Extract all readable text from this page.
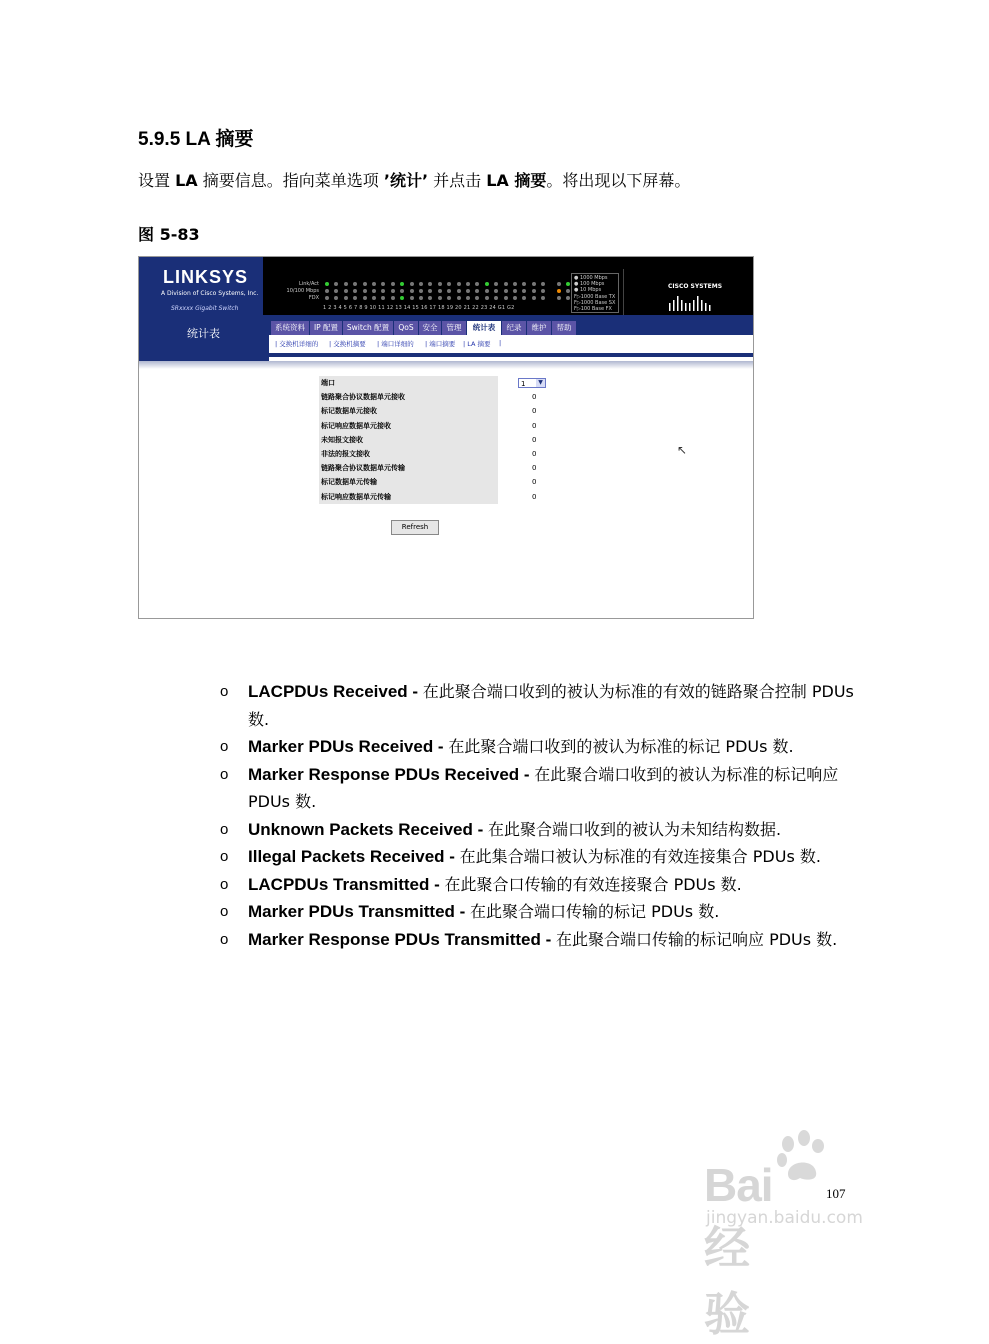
5.9.5 LA 摘要
设置 LA 摘要信息。指向菜单选项 ’统计’ 并点击 LA 摘要。将出现以下屏幕。
图 5-83
LINKSYS
A Division of Cisco Systems, Inc.
SRxxxx Gigabit Switch
Link/Act
10/100 Mbps
FDX
1 2 3 4 5 6 7 8 9 10 11 12 13 14 15 16 17 18 19 20 21 22 23 24 G1 G2
● 1000 Mbps
● 100 Mbps
● 10 Mbps
F▷1000 Base TX
F▷1000 Base SX
F▷100 Base FX
CISCO SYSTEMS
统计表	系统资料	IP 配置	Switch 配置	QoS	安全	管理	统计表	纪录	维护	帮助
| 交换机详细的 | 交换机摘要 | 端口详细的 | 端口摘要 | LA 摘要 |
端口	1 ▼

链路聚合协议数据单元接收	0
标记数据单元接收	0
标记响应数据单元接收	0
未知报文接收	0
非法的报文接收	0
链路聚合协议数据单元传输	0
标记数据单元传输	0
标记响应数据单元传输	0
Refresh
↖
o LACPDUs Received - 在此聚合端口收到的被认为标准的有效的链路聚合控制 PDUs 数.
o Marker PDUs Received - 在此聚合端口收到的被认为标准的标记 PDUs 数.
o Marker Response PDUs Received - 在此聚合端口收到的被认为标准的标记响应 PDUs 数.
o Unknown Packets Received - 在此聚合端口收到的被认为未知结构数据.
o Illegal Packets Received - 在此集合端口被认为标准的有效连接集合 PDUs 数.
o LACPDUs Transmitted - 在此聚合口传输的有效连接聚合 PDUs 数.
o Marker PDUs Transmitted - 在此聚合端口传输的标记 PDUs 数.
o Marker Response PDUs Transmitted - 在此聚合端口传输的标记响应 PDUs 数.
Bai经验
jingyan.baidu.com
107
